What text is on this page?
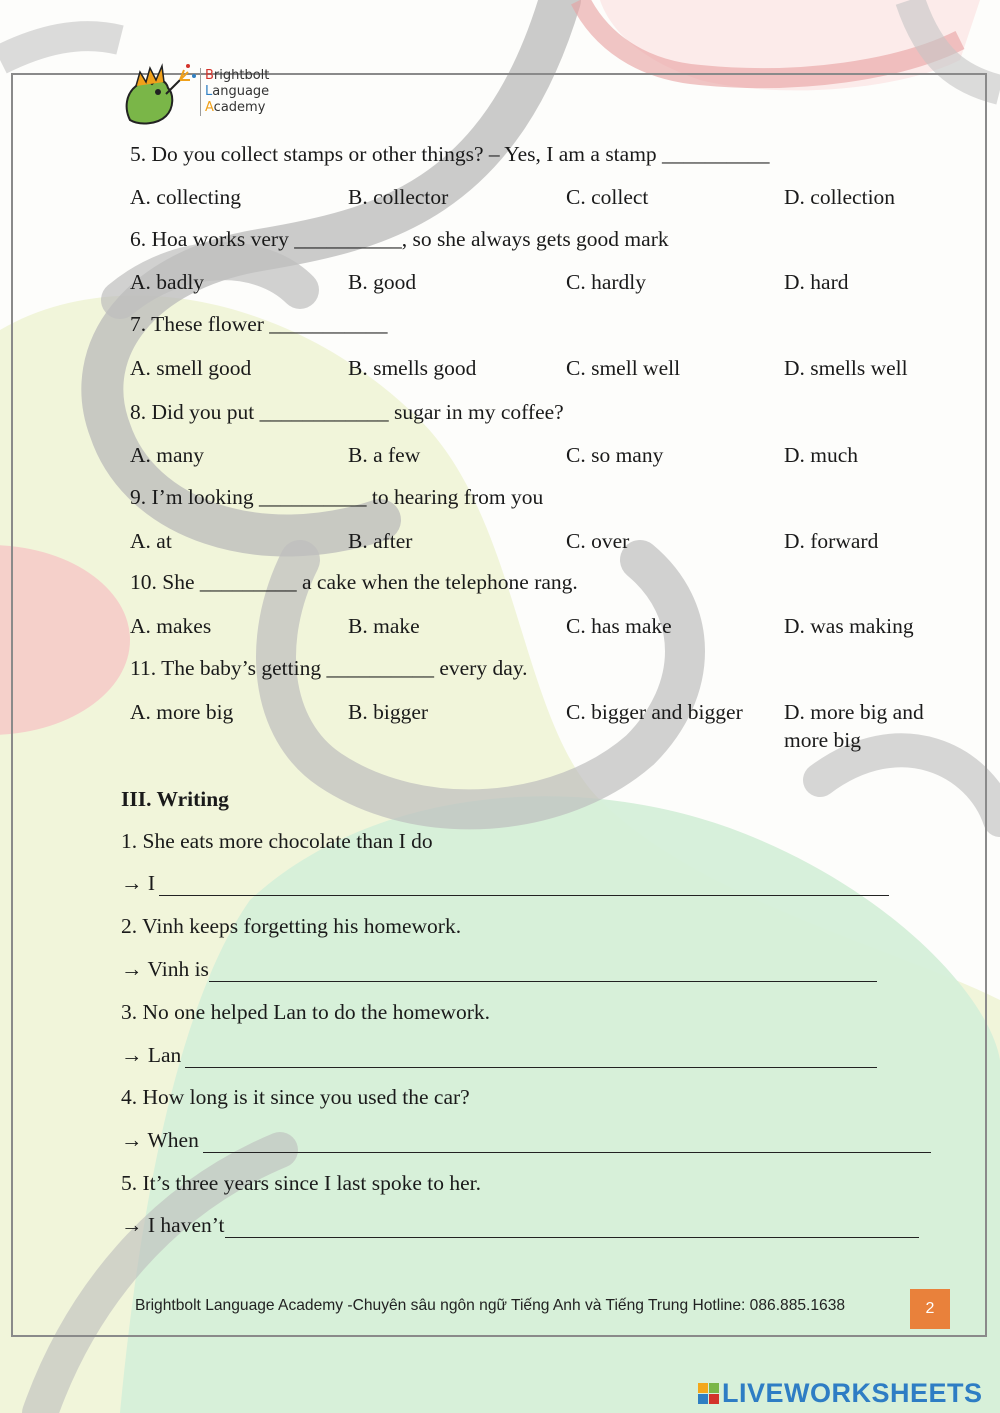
Brightbolt
Language
Academy
5. Do you collect stamps or other things? – Yes, I am a stamp __________
A. collecting	B. collector	C. collect	D. collection
6. Hoa works very __________, so she always gets good mark
A. badly	B. good	C. hardly	D. hard
7. These flower ___________
A. smell good	B. smells good	C. smell well	D. smells well
8. Did you put ____________ sugar in my coffee?
A. many	B. a few	C. so many	D. much
9. I’m looking __________ to hearing from you
A. at	B. after	C. over	D. forward
10. She _________ a cake when the telephone rang.
A. makes	B. make	C. has make	D. was making
11. The baby’s getting __________ every day.
A. more big	B. bigger	C. bigger and bigger D. more big and
more big
III. Writing
1. She eats more chocolate than I do
→ I
2. Vinh keeps forgetting his homework.
→ Vinh is
3. No one helped Lan to do the homework.
→ Lan
4. How long is it since you used the car?
→ When
5. It’s three years since I last spoke to her.
→ I haven’t
Brightbolt Language Academy -Chuyên sâu ngôn ngữ Tiếng Anh và Tiếng Trung Hotline: 086.885.1638	2
LIVEWORKSHEETS
